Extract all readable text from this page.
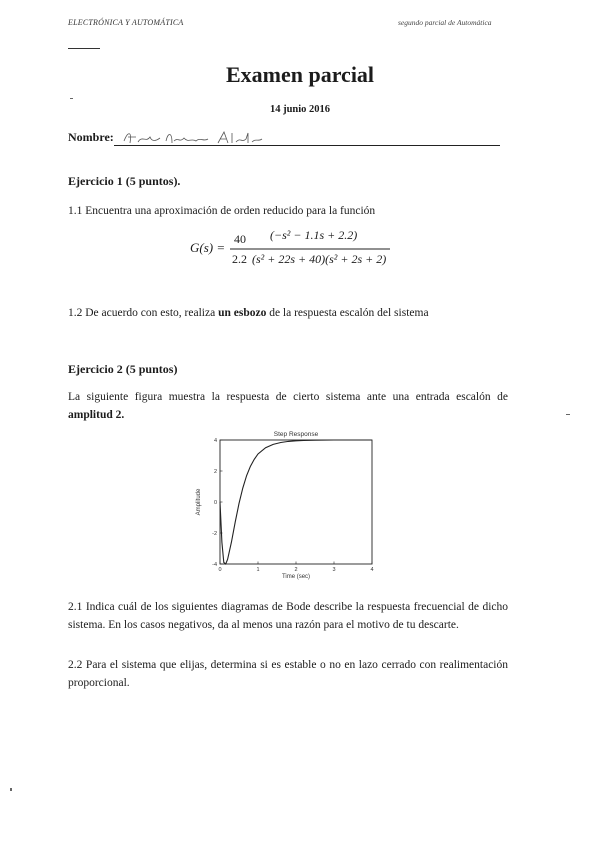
ELECTRÓNICA Y AUTOMÁTICA	segundo parcial de Automática
Examen parcial
14 junio 2016
Nombre:
Ejercicio 1 (5 puntos).
1.1 Encuentra una aproximación de orden reducido para la función
G(s) =
40
2.2
(−s² − 1.1s + 2.2)
(s² + 22s + 40)(s² + 2s + 2)
1.2 De acuerdo con esto, realiza un esbozo de la respuesta escalón del sistema
Ejercicio 2 (5 puntos)
La siguiente figura muestra la respuesta de cierto sistema ante una entrada escalón de amplitud 2.
Step Response
Time (sec)
Amplitude
0	1	2	3	4
-4
-2
0
2
4
2.1 Indica cuál de los siguientes diagramas de Bode describe la respuesta frecuencial de dicho sistema. En los casos negativos, da al menos una razón para el motivo de tu descarte.
2.2 Para el sistema que elijas, determina si es estable o no en lazo cerrado con realimentación proporcional.
